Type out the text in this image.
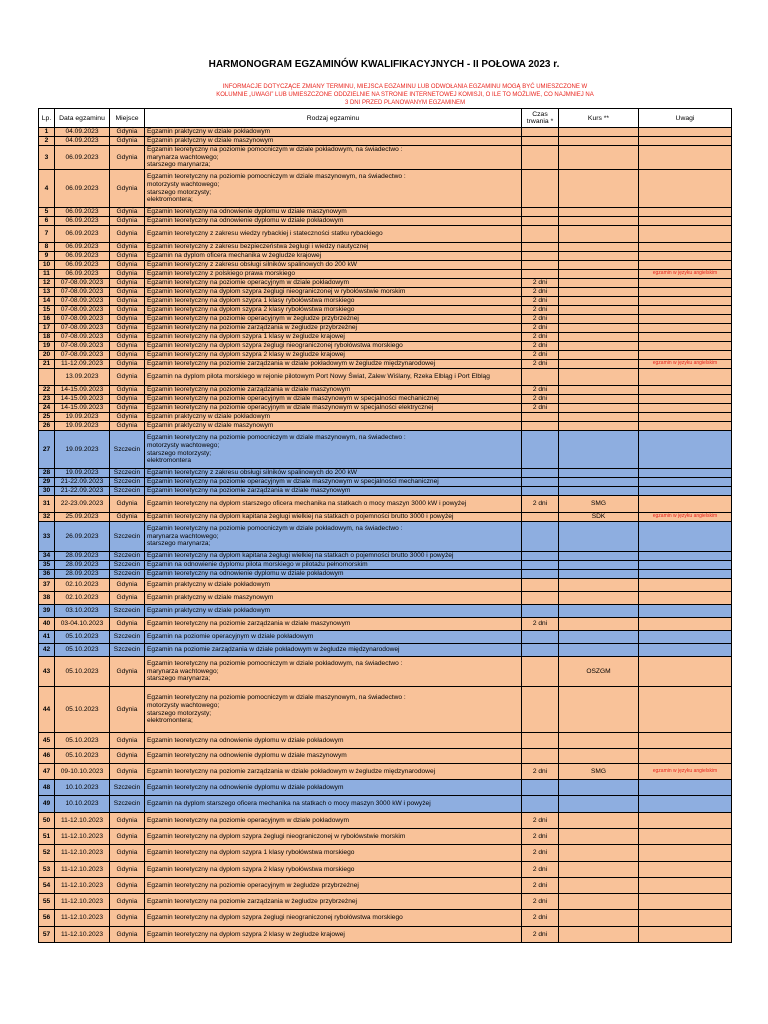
HARMONOGRAM EGZAMINÓW KWALIFIKACYJNYCH - II POŁOWA 2023 r.
INFORMACJE DOTYCZĄCE ZMIANY TERMINU, MIEJSCA EGZAMINU LUB ODWOŁANIA EGZAMINU MOGĄ BYĆ UMIESZCZONE W KOLUMNIE „UWAGI” LUB UMIESZCZONE ODDZIELNIE NA STRONIE INTERNETOWEJ KOMISJI, O ILE TO MOŻLIWE, CO NAJMNIEJ NA 3 DNI PRZED PLANOWANYM EGZAMINEM
Lp.	Data egzaminu	Miejsce	Rodzaj egzaminu	Czas trwania *	Kurs **	Uwagi
1	04.09.2023	Gdynia	Egzamin praktyczny w dziale pokładowym			
2	04.09.2023	Gdynia	Egzamin praktyczny w dziale maszynowym			
3	06.09.2023	Gdynia	Egzamin teoretyczny na poziomie pomocniczym w dziale pokładowym, na świadectwo :
marynarza wachtowego;
starszego marynarza;			
4	06.09.2023	Gdynia	Egzamin teoretyczny na poziomie pomocniczym w dziale maszynowym, na świadectwo :
motorzysty wachtowego;
starszego motorzysty;
elektromontera;			
5	06.09.2023	Gdynia	Egzamin teoretyczny na odnowienie dyplomu w dziale maszynowym			
6	06.09.2023	Gdynia	Egzamin teoretyczny na odnowienie dyplomu w dziale pokładowym			
7	06.09.2023	Gdynia	Egzamin teoretyczny z zakresu wiedzy rybackiej i stateczności statku rybackiego			
8	06.09.2023	Gdynia	Egzamin teoretyczny z zakresu bezpieczeństwa żeglugi i wiedzy nautycznej			
9	06.09.2023	Gdynia	Egzamin na dyplom oficera mechanika w żegludze krajowej			
10	06.09.2023	Gdynia	Egzamin teoretyczny z zakresu obsługi silników spalinowych do 200 kW			
11	06.09.2023	Gdynia	Egzamin teoretyczny z polskiego prawa morskiego			egzamin w języku angielskim
12	07-08.09.2023	Gdynia	Egzamin teoretyczny na poziomie operacyjnym w dziale pokładowym	2 dni		
13	07-08.09.2023	Gdynia	Egzamin teoretyczny na dyplom szypra żeglugi nieograniczonej w rybołówstwie morskim	2 dni		
14	07-08.09.2023	Gdynia	Egzamin teoretyczny na dyplom szypra 1 klasy rybołówstwa morskiego	2 dni		
15	07-08.09.2023	Gdynia	Egzamin teoretyczny na dyplom szypra 2 klasy rybołówstwa morskiego	2 dni		
16	07-08.09.2023	Gdynia	Egzamin teoretyczny na poziomie operacyjnym w żegludze przybrzeżnej	2 dni		
17	07-08.09.2023	Gdynia	Egzamin teoretyczny na poziomie zarządzania w żegludze przybrzeżnej	2 dni		
18	07-08.09.2023	Gdynia	Egzamin teoretyczny na dyplom szypra 1 klasy w żegludze krajowej	2 dni		
19	07-08.09.2023	Gdynia	Egzamin teoretyczny na dyplom szypra żeglugi nieograniczonej rybołówstwa morskiego	2 dni		
20	07-08.09.2023	Gdynia	Egzamin teoretyczny na dyplom szypra 2 klasy w żegludze krajowej	2 dni		
21	11-12.09.2023	Gdynia	Egzamin teoretyczny na poziomie zarządzania w dziale pokładowym w żegludze międzynarodowej	2 dni		egzamin w języku angielskim
	13.09.2023	Gdynia	Egzamin na dyplom pilota morskiego w rejonie pilotowym Port Nowy Świat, Zalew Wiślany, Rzeka Elbląg i Port Elbląg			
22	14-15.09.2023	Gdynia	Egzamin teoretyczny na poziomie zarządzania w dziale maszynowym	2 dni		
23	14-15.09.2023	Gdynia	Egzamin teoretyczny na poziomie operacyjnym w dziale maszynowym w specjalności mechanicznej	2 dni		
24	14-15.09.2023	Gdynia	Egzamin teoretyczny na poziomie operacyjnym w dziale maszynowym w specjalności elektrycznej	2 dni		
25	19.09.2023	Gdynia	Egzamin praktyczny w dziale pokładowym			
26	19.09.2023	Gdynia	Egzamin praktyczny w dziale maszynowym			
27	19.09.2023	Szczecin	Egzamin teoretyczny na poziomie pomocniczym w dziale maszynowym, na świadectwo :
motorzysty wachtowego;
starszego motorzysty;
elektromontera			
28	19.09.2023	Szczecin	Egzamin teoretyczny z zakresu obsługi silników spalinowych do 200 kW			
29	21-22.09.2023	Szczecin	Egzamin teoretyczny na poziomie operacyjnym w dziale maszynowym w specjalności mechanicznej			
30	21-22.09.2023	Szczecin	Egzamin teoretyczny na poziomie zarządzania w dziale maszynowym			
31	22-23.09.2023	Gdynia	Egzamin teoretyczny na dyplom starszego oficera mechanika na statkach o mocy maszyn 3000 kW i powyżej	2 dni	SMG	
32	25.09.2023	Gdynia	Egzamin teoretyczny na dyplom kapitana żeglugi wielkiej na statkach o pojemności brutto 3000 i powyżej		SDK	egzamin w języku angielskim
33	26.09.2023	Szczecin	Egzamin teoretyczny na poziomie pomocniczym w dziale pokładowym, na świadectwo :
marynarza wachtowego;
starszego marynarza;			
34	28.09.2023	Szczecin	Egzamin teoretyczny na dyplom kapitana żeglugi wielkiej na statkach o pojemności brutto 3000 i powyżej			
35	28.09.2023	Szczecin	Egzamin na odnowienie dyplomu pilota morskiego w pilotażu pełnomorskim			
36	28.09.2023	Szczecin	Egzamin teoretyczny na odnowienie dyplomu w dziale pokładowym			
37	02.10.2023	Gdynia	Egzamin praktyczny w dziale pokładowym			
38	02.10.2023	Gdynia	Egzamin praktyczny w dziale maszynowym			
39	03.10.2023	Szczecin	Egzamin praktyczny w dziale pokładowym			
40	03-04.10.2023	Gdynia	Egzamin teoretyczny na poziomie zarządzania w dziale maszynowym	2 dni		
41	05.10.2023	Szczecin	Egzamin na poziomie operacyjnym w dziale pokładowym			
42	05.10.2023	Szczecin	Egzamin na poziomie zarządzania w dziale pokładowym w żegludze międzynarodowej			
43	05.10.2023	Gdynia	Egzamin teoretyczny na poziomie pomocniczym w dziale pokładowym, na świadectwo :
marynarza wachtowego;
starszego marynarza;		OSZGM	
44	05.10.2023	Gdynia	Egzamin teoretyczny na poziomie pomocniczym w dziale maszynowym, na świadectwo :
motorzysty wachtowego;
starszego motorzysty;
elektromontera;			
45	05.10.2023	Gdynia	Egzamin teoretyczny na odnowienie dyplomu w dziale pokładowym			
46	05.10.2023	Gdynia	Egzamin teoretyczny na odnowienie dyplomu w dziale maszynowym			
47	09-10.10.2023	Gdynia	Egzamin teoretyczny na poziomie zarządzania w dziale pokładowym w żegludze międzynarodowej	2 dni	SMG	egzamin w języku angielskim
48	10.10.2023	Szczecin	Egzamin teoretyczny na odnowienie dyplomu w dziale pokładowym			
49	10.10.2023	Szczecin	Egzamin na dyplom starszego oficera mechanika na statkach o mocy maszyn 3000 kW i powyżej			
50	11-12.10.2023	Gdynia	Egzamin teoretyczny na poziomie operacyjnym w dziale pokładowym	2 dni		
51	11-12.10.2023	Gdynia	Egzamin teoretyczny na dyplom szypra żeglugi nieograniczonej w rybołówstwie morskim	2 dni		
52	11-12.10.2023	Gdynia	Egzamin teoretyczny na dyplom szypra 1 klasy rybołówstwa morskiego	2 dni		
53	11-12.10.2023	Gdynia	Egzamin teoretyczny na dyplom szypra 2 klasy rybołówstwa morskiego	2 dni		
54	11-12.10.2023	Gdynia	Egzamin teoretyczny na poziomie operacyjnym w żegludze przybrzeżnej	2 dni		
55	11-12.10.2023	Gdynia	Egzamin teoretyczny na poziomie zarządzania w żegludze przybrzeżnej	2 dni		
56	11-12.10.2023	Gdynia	Egzamin teoretyczny na dyplom szypra żeglugi nieograniczonej rybołówstwa morskiego	2 dni		
57	11-12.10.2023	Gdynia	Egzamin teoretyczny na dyplom szypra 2 klasy w żegludze krajowej	2 dni		
